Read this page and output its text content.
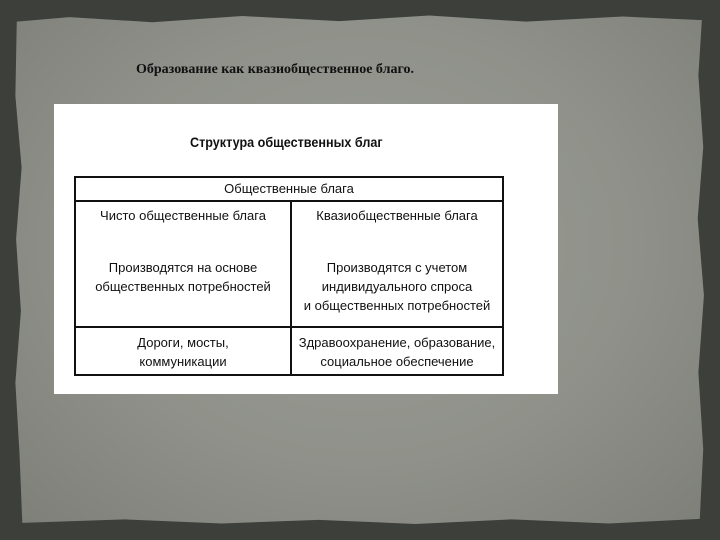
Образование как квазиобщественное благо.
Структура общественных благ
Общественные блага
Чисто общественные блага	Квазиобщественные блага
Производятся на основе
общественных потребностей
Производятся с учетом
индивидуального спроса
и общественных потребностей
Дороги, мосты,
коммуникации
Здравоохранение, образование,
социальное обеспечение
